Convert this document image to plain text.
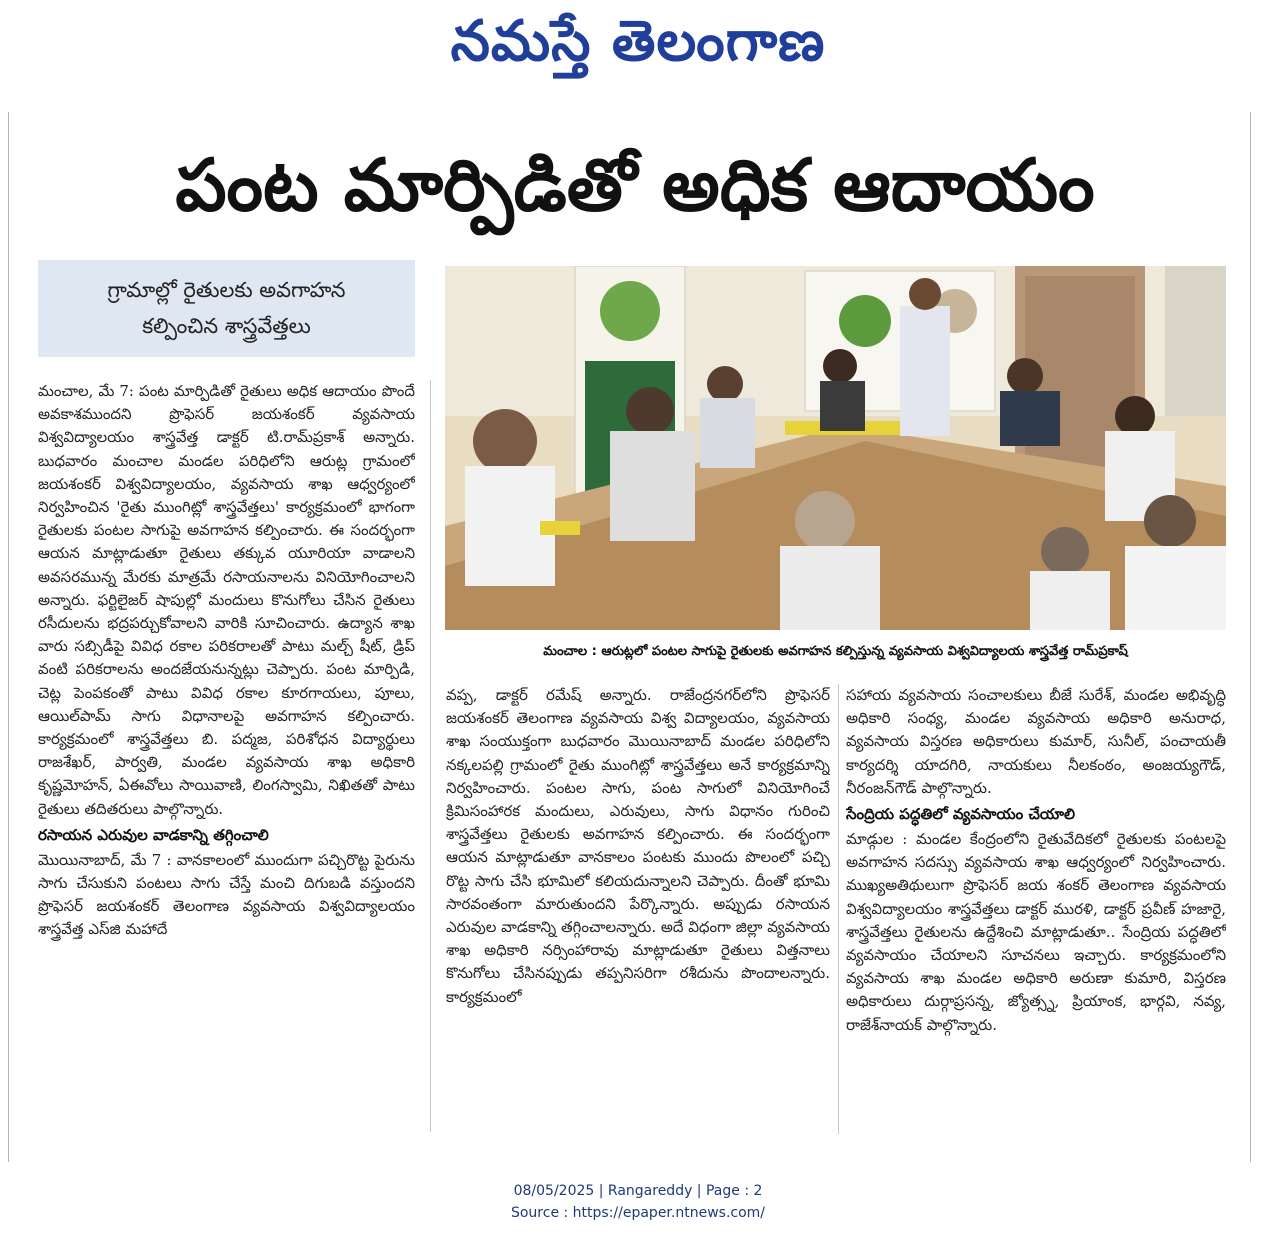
నమస్తే తెలంగాణ
పంట మార్పిడితో అధిక ఆదాయం
గ్రామాల్లో రైతులకు అవగాహన
కల్పించిన శాస్త్రవేత్తలు

మంచాల, మే 7: పంట మార్పిడితో రైతులు అధిక ఆదాయం పొందే అవకాశముందని ప్రొఫెసర్ జయశంకర్ వ్యవసాయ విశ్వవిద్యాలయం శాస్త్రవేత్త డాక్టర్ టి.రామ్‌ప్రకాశ్ అన్నారు. బుధవారం మంచాల మండల పరిధిలోని ఆరుట్ల గ్రామంలో జయశంకర్ విశ్వవిద్యాలయం, వ్యవసాయ శాఖ ఆధ్వర్యంలో నిర్వహించిన 'రైతు ముంగిట్లో శాస్త్రవేత్తలు' కార్యక్రమంలో భాగంగా రైతులకు పంటల సాగుపై అవగాహన కల్పించారు. ఈ సందర్భంగా ఆయన మాట్లాడుతూ రైతులు తక్కువ యూరియా వాడాలని అవసరమున్న మేరకు మాత్రమే రసాయనాలను వినియోగించాలని అన్నారు. ఫర్టిలైజర్ షాపుల్లో మందులు కొనుగోలు చేసిన రైతులు రసీదులను భద్రపర్చుకోవాలని వారికి సూచించారు. ఉద్యాన శాఖ వారు సబ్సిడీపై వివిధ రకాల పరికరాలతో పాటు మల్చ్ షీట్, డ్రిప్ వంటి పరికరాలను అందజేయనున్నట్లు చెప్పారు. పంట మార్పిడి, చెట్ల పెంపకంతో పాటు వివిధ రకాల కూరగాయలు, పూలు, ఆయిల్‌పామ్ సాగు విధానాలపై అవగాహన కల్పించారు. కార్యక్రమంలో శాస్త్రవేత్తలు బి. పద్మజ, పరిశోధన విద్యార్థులు రాజశేఖర్, పార్వతి, మండల వ్యవసాయ శాఖ అధికారి కృష్ణమోహన్, ఏఈవోలు సాయివాణి, లింగస్వామి, నిఖితతో పాటు రైతులు తదితరులు పాల్గొన్నారు.

రసాయన ఎరువుల వాడకాన్ని తగ్గించాలి

మొయినాబాద్, మే 7 : వానకాలంలో ముందుగా పచ్చిరొట్ట పైరును సాగు చేసుకుని పంటలు సాగు చేస్తే మంచి దిగుబడి వస్తుందని ప్రొఫెసర్ జయశంకర్ తెలంగాణ వ్యవసాయ విశ్వవిద్యాలయం శాస్త్రవేత్త ఎస్‌జి మహాదే

మంచాల : ఆరుట్లలో పంటల సాగుపై రైతులకు అవగాహన కల్పిస్తున్న వ్యవసాయ విశ్వవిద్యాలయ శాస్త్రవేత్త రామ్‌ప్రకాష్

వప్ప, డాక్టర్ రమేష్ అన్నారు. రాజేంద్రనగర్‌లోని ప్రొఫెసర్ జయశంకర్ తెలంగాణ వ్యవసాయ విశ్వ విద్యాలయం, వ్యవసాయ శాఖ సంయుక్తంగా బుధవారం మొయినాబాద్ మండల పరిధిలోని నక్కలపల్లి గ్రామంలో రైతు ముంగిట్లో శాస్త్రవేత్తలు అనే కార్యక్రమాన్ని నిర్వహించారు. పంటల సాగు, పంట సాగులో వినియోగించే క్రిమిసంహారక మందులు, ఎరువులు, సాగు విధానం గురించి శాస్త్రవేత్తలు రైతులకు అవగాహన కల్పించారు. ఈ సందర్భంగా ఆయన మాట్లాడుతూ వానకాలం పంటకు ముందు పొలంలో పచ్చి రొట్ట సాగు చేసి భూమిలో కలియదున్నాలని చెప్పారు. దీంతో భూమి సారవంతంగా మారుతుందని పేర్కొన్నారు. అప్పుడు రసాయన ఎరువుల వాడకాన్ని తగ్గించాలన్నారు. అదే విధంగా జిల్లా వ్యవసాయ శాఖ అధికారి నర్సింహారావు మాట్లాడుతూ రైతులు విత్తనాలు కొనుగోలు చేసినప్పుడు తప్పనిసరిగా రశీదును పొందాలన్నారు. కార్యక్రమంలో

సహాయ వ్యవసాయ సంచాలకులు బీజే సురేశ్, మండల అభివృద్ధి అధికారి సంధ్య, మండల వ్యవసాయ అధికారి అనురాధ, వ్యవసాయ విస్తరణ అధికారులు కుమార్, సునీల్, పంచాయతీ కార్యదర్శి యాదగిరి, నాయకులు నీలకంఠం, అంజయ్యగౌడ్, నీరంజన్‌గౌడ్ పాల్గొన్నారు.

సేంద్రియ పద్ధతిలో వ్యవసాయం చేయాలి

మాడ్గుల : మండల కేంద్రంలోని రైతువేదికలో రైతులకు పంటలపై అవగాహన సదస్సు వ్యవసాయ శాఖ ఆధ్వర్యంలో నిర్వహించారు. ముఖ్యఅతిథులుగా ప్రొఫెసర్ జయ శంకర్ తెలంగాణ వ్యవసాయ విశ్వవిద్యాలయం శాస్త్రవేత్తలు డాక్టర్ మురళి, డాక్టర్ ప్రవీణ్ హజారై, శాస్త్రవేత్తలు రైతులను ఉద్దేశించి మాట్లాడుతూ.. సేంద్రియ పద్ధతిలో వ్యవసాయం చేయాలని సూచనలు ఇచ్చారు. కార్యక్రమంలోని వ్యవసాయ శాఖ మండల అధికారి అరుణా కుమారి, విస్తరణ అధికారులు దుర్గాప్రసన్న, జ్యోత్స్న, ప్రియాంక, భార్గవి, నవ్య, రాజేశ్‌నాయక్ పాల్గొన్నారు.

08/05/2025 | Rangareddy | Page : 2
Source : https://epaper.ntnews.com/
